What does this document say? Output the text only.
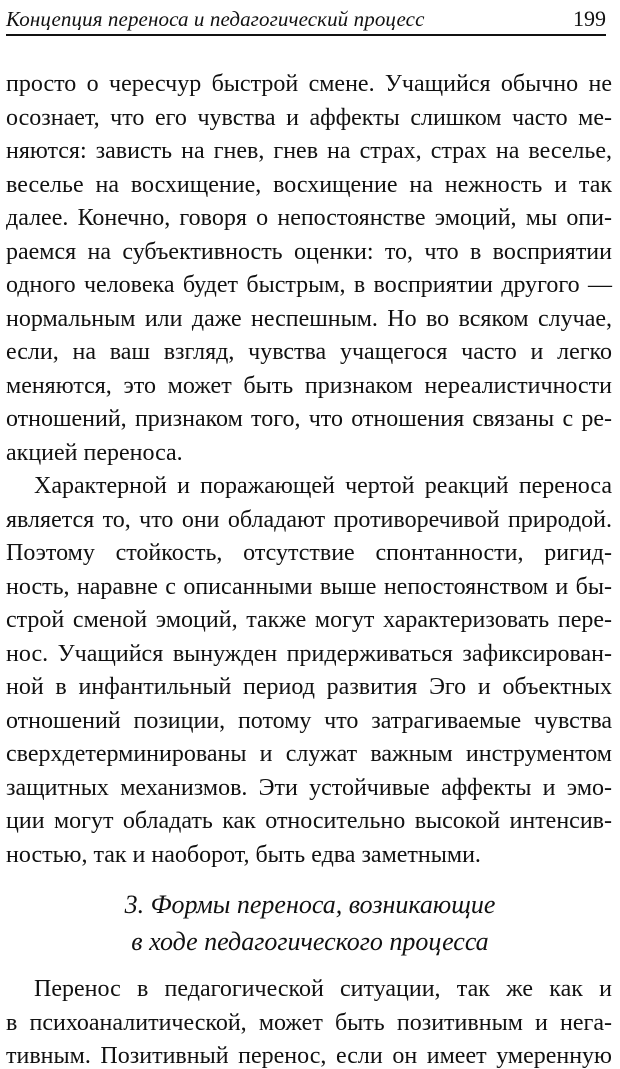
Концепция переноса и педагогический процесс	199
просто о чересчур быстрой смене. Учащийся обычно не
осознает, что его чувства и аффекты слишком часто ме-
няются: зависть на гнев, гнев на страх, страх на веселье,
веселье на восхищение, восхищение на нежность и так
далее. Конечно, говоря о непостоянстве эмоций, мы опи-
раемся на субъективность оценки: то, что в восприятии
одного человека будет быстрым, в восприятии другого —
нормальным или даже неспешным. Но во всяком случае,
если, на ваш взгляд, чувства учащегося часто и легко
меняются, это может быть признаком нереалистичности
отношений, признаком того, что отношения связаны с ре-
акцией переноса.
Характерной и поражающей чертой реакций переноса
является то, что они обладают противоречивой природой.
Поэтому стойкость, отсутствие спонтанности, ригид-
ность, наравне с описанными выше непостоянством и бы-
строй сменой эмоций, также могут характеризовать пере-
нос. Учащийся вынужден придерживаться зафиксирован-
ной в инфантильный период развития Эго и объектных
отношений позиции, потому что затрагиваемые чувства
сверхдетерминированы и служат важным инструментом
защитных механизмов. Эти устойчивые аффекты и эмо-
ции могут обладать как относительно высокой интенсив-
ностью, так и наоборот, быть едва заметными.
3. Формы переноса, возникающие
в ходе педагогического процесса
Перенос в педагогической ситуации, так же как и
в психоаналитической, может быть позитивным и нега-
тивным. Позитивный перенос, если он имеет умеренную
